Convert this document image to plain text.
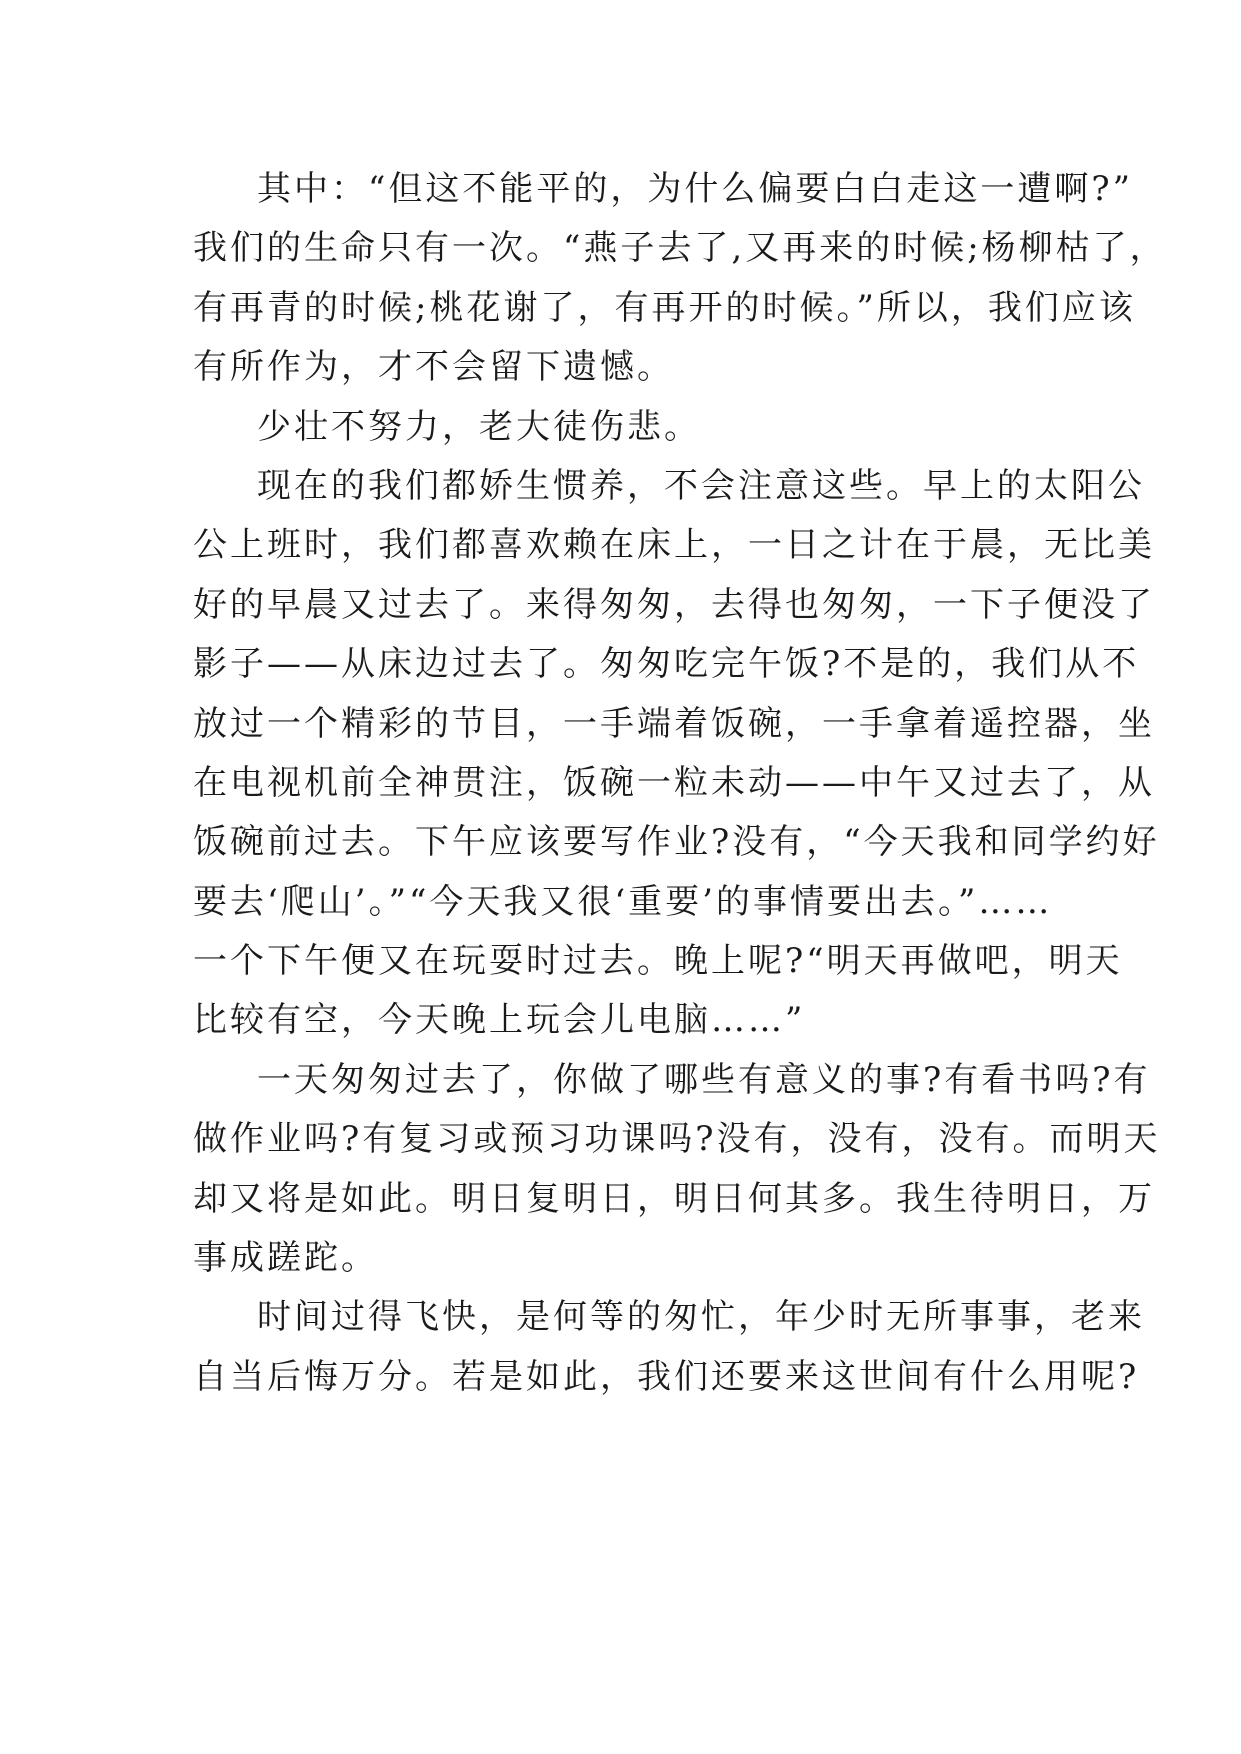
其中：“但这不能平的，为什么偏要白白走这一遭啊?”
我们的生命只有一次。“燕子去了,又再来的时候;杨柳枯了，
有再青的时候;桃花谢了，有再开的时候。”所以，我们应该
有所作为，才不会留下遗憾。
少壮不努力，老大徒伤悲。
现在的我们都娇生惯养，不会注意这些。早上的太阳公
公上班时，我们都喜欢赖在床上，一日之计在于晨，无比美
好的早晨又过去了。来得匆匆，去得也匆匆，一下子便没了
影子——从床边过去了。匆匆吃完午饭?不是的，我们从不
放过一个精彩的节目，一手端着饭碗，一手拿着遥控器，坐
在电视机前全神贯注，饭碗一粒未动——中午又过去了，从
饭碗前过去。下午应该要写作业?没有，“今天我和同学约好
要去‘爬山’。”“今天我又很‘重要’的事情要出去。”……
一个下午便又在玩耍时过去。晚上呢?“明天再做吧，明天
比较有空，今天晚上玩会儿电脑……”
一天匆匆过去了，你做了哪些有意义的事?有看书吗?有
做作业吗?有复习或预习功课吗?没有，没有，没有。而明天
却又将是如此。明日复明日，明日何其多。我生待明日，万
事成蹉跎。
时间过得飞快，是何等的匆忙，年少时无所事事，老来
自当后悔万分。若是如此，我们还要来这世间有什么用呢?
